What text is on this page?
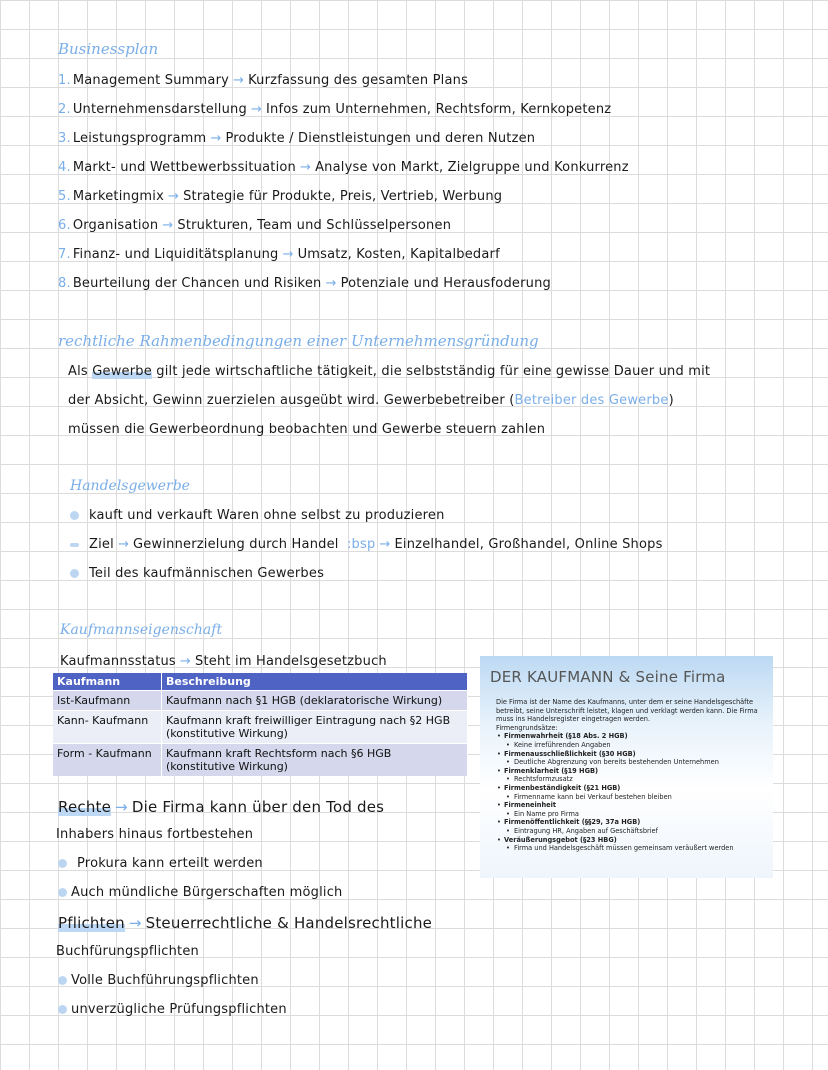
Businessplan
1. Management Summary → Kurzfassung des gesamten Plans
2. Unternehmensdarstellung → Infos zum Unternehmen, Rechtsform, Kernkopetenz
3. Leistungsprogramm → Produkte / Dienstleistungen und deren Nutzen
4. Markt- und Wettbewerbssituation → Analyse von Markt, Zielgruppe und Konkurrenz
5. Marketingmix → Strategie für Produkte, Preis, Vertrieb, Werbung
6. Organisation → Strukturen, Team und Schlüsselpersonen
7. Finanz- und Liquiditätsplanung → Umsatz, Kosten, Kapitalbedarf
8. Beurteilung der Chancen und Risiken → Potenziale und Herausfoderung
rechtliche Rahmenbedingungen einer Unternehmensgründung
Als Gewerbe gilt jede wirtschaftliche tätigkeit, die selbstständig für eine gewisse Dauer und mit
der Absicht, Gewinn zuerzielen ausgeübt wird. Gewerbebetreiber (Betreiber des Gewerbe)
müssen die Gewerbeordnung beobachten und Gewerbe steuern zahlen
Handelsgewerbe
kauft und verkauft Waren ohne selbst zu produzieren
Ziel → Gewinnerzielung durch Handel :bsp → Einzelhandel, Großhandel, Online Shops
Teil des kaufmännischen Gewerbes
Kaufmannseigenschaft
Kaufmannsstatus → Steht im Handelsgesetzbuch
Kaufmann	Beschreibung
Ist-Kaufmann	Kaufmann nach §1 HGB (deklaratorische Wirkung)
Kann- Kaufmann	Kaufmann kraft freiwilliger Eintragung nach §2 HGB (konstitutive Wirkung)
Form - Kaufmann	Kaufmann kraft Rechtsform nach §6 HGB (konstitutive Wirkung)
DER KAUFMANN & Seine Firma
Die Firma ist der Name des Kaufmanns, unter dem er seine Handelsgeschäfte betreibt, seine Unterschrift leistet, klagen und verklagt werden kann. Die Firma muss ins Handelsregister eingetragen werden.
Firmengrundsätze:
• Firmenwahrheit (§18 Abs. 2 HGB)
• Keine irreführenden Angaben
• Firmenausschließlichkeit (§30 HGB)
• Deutliche Abgrenzung von bereits bestehenden Unternehmen
• Firmenklarheit (§19 HGB)
• Rechtsformzusatz
• Firmenbeständigkeit (§21 HGB)
• Firmenname kann bei Verkauf bestehen bleiben
• Firmeneinheit
• Ein Name pro Firma
• Firmenöffentlichkeit (§§29, 37a HGB)
• Eintragung HR, Angaben auf Geschäftsbrief
• Veräußerungsgebot (§23 HBG)
• Firma und Handelsgeschäft müssen gemeinsam veräußert werden
Rechte → Die Firma kann über den Tod des
Inhabers hinaus fortbestehen
Prokura kann erteilt werden
Auch mündliche Bürgerschaften möglich
Pflichten → Steuerrechtliche & Handelsrechtliche
Buchfürungspflichten
Volle Buchführungspflichten
unverzügliche Prüfungspflichten
